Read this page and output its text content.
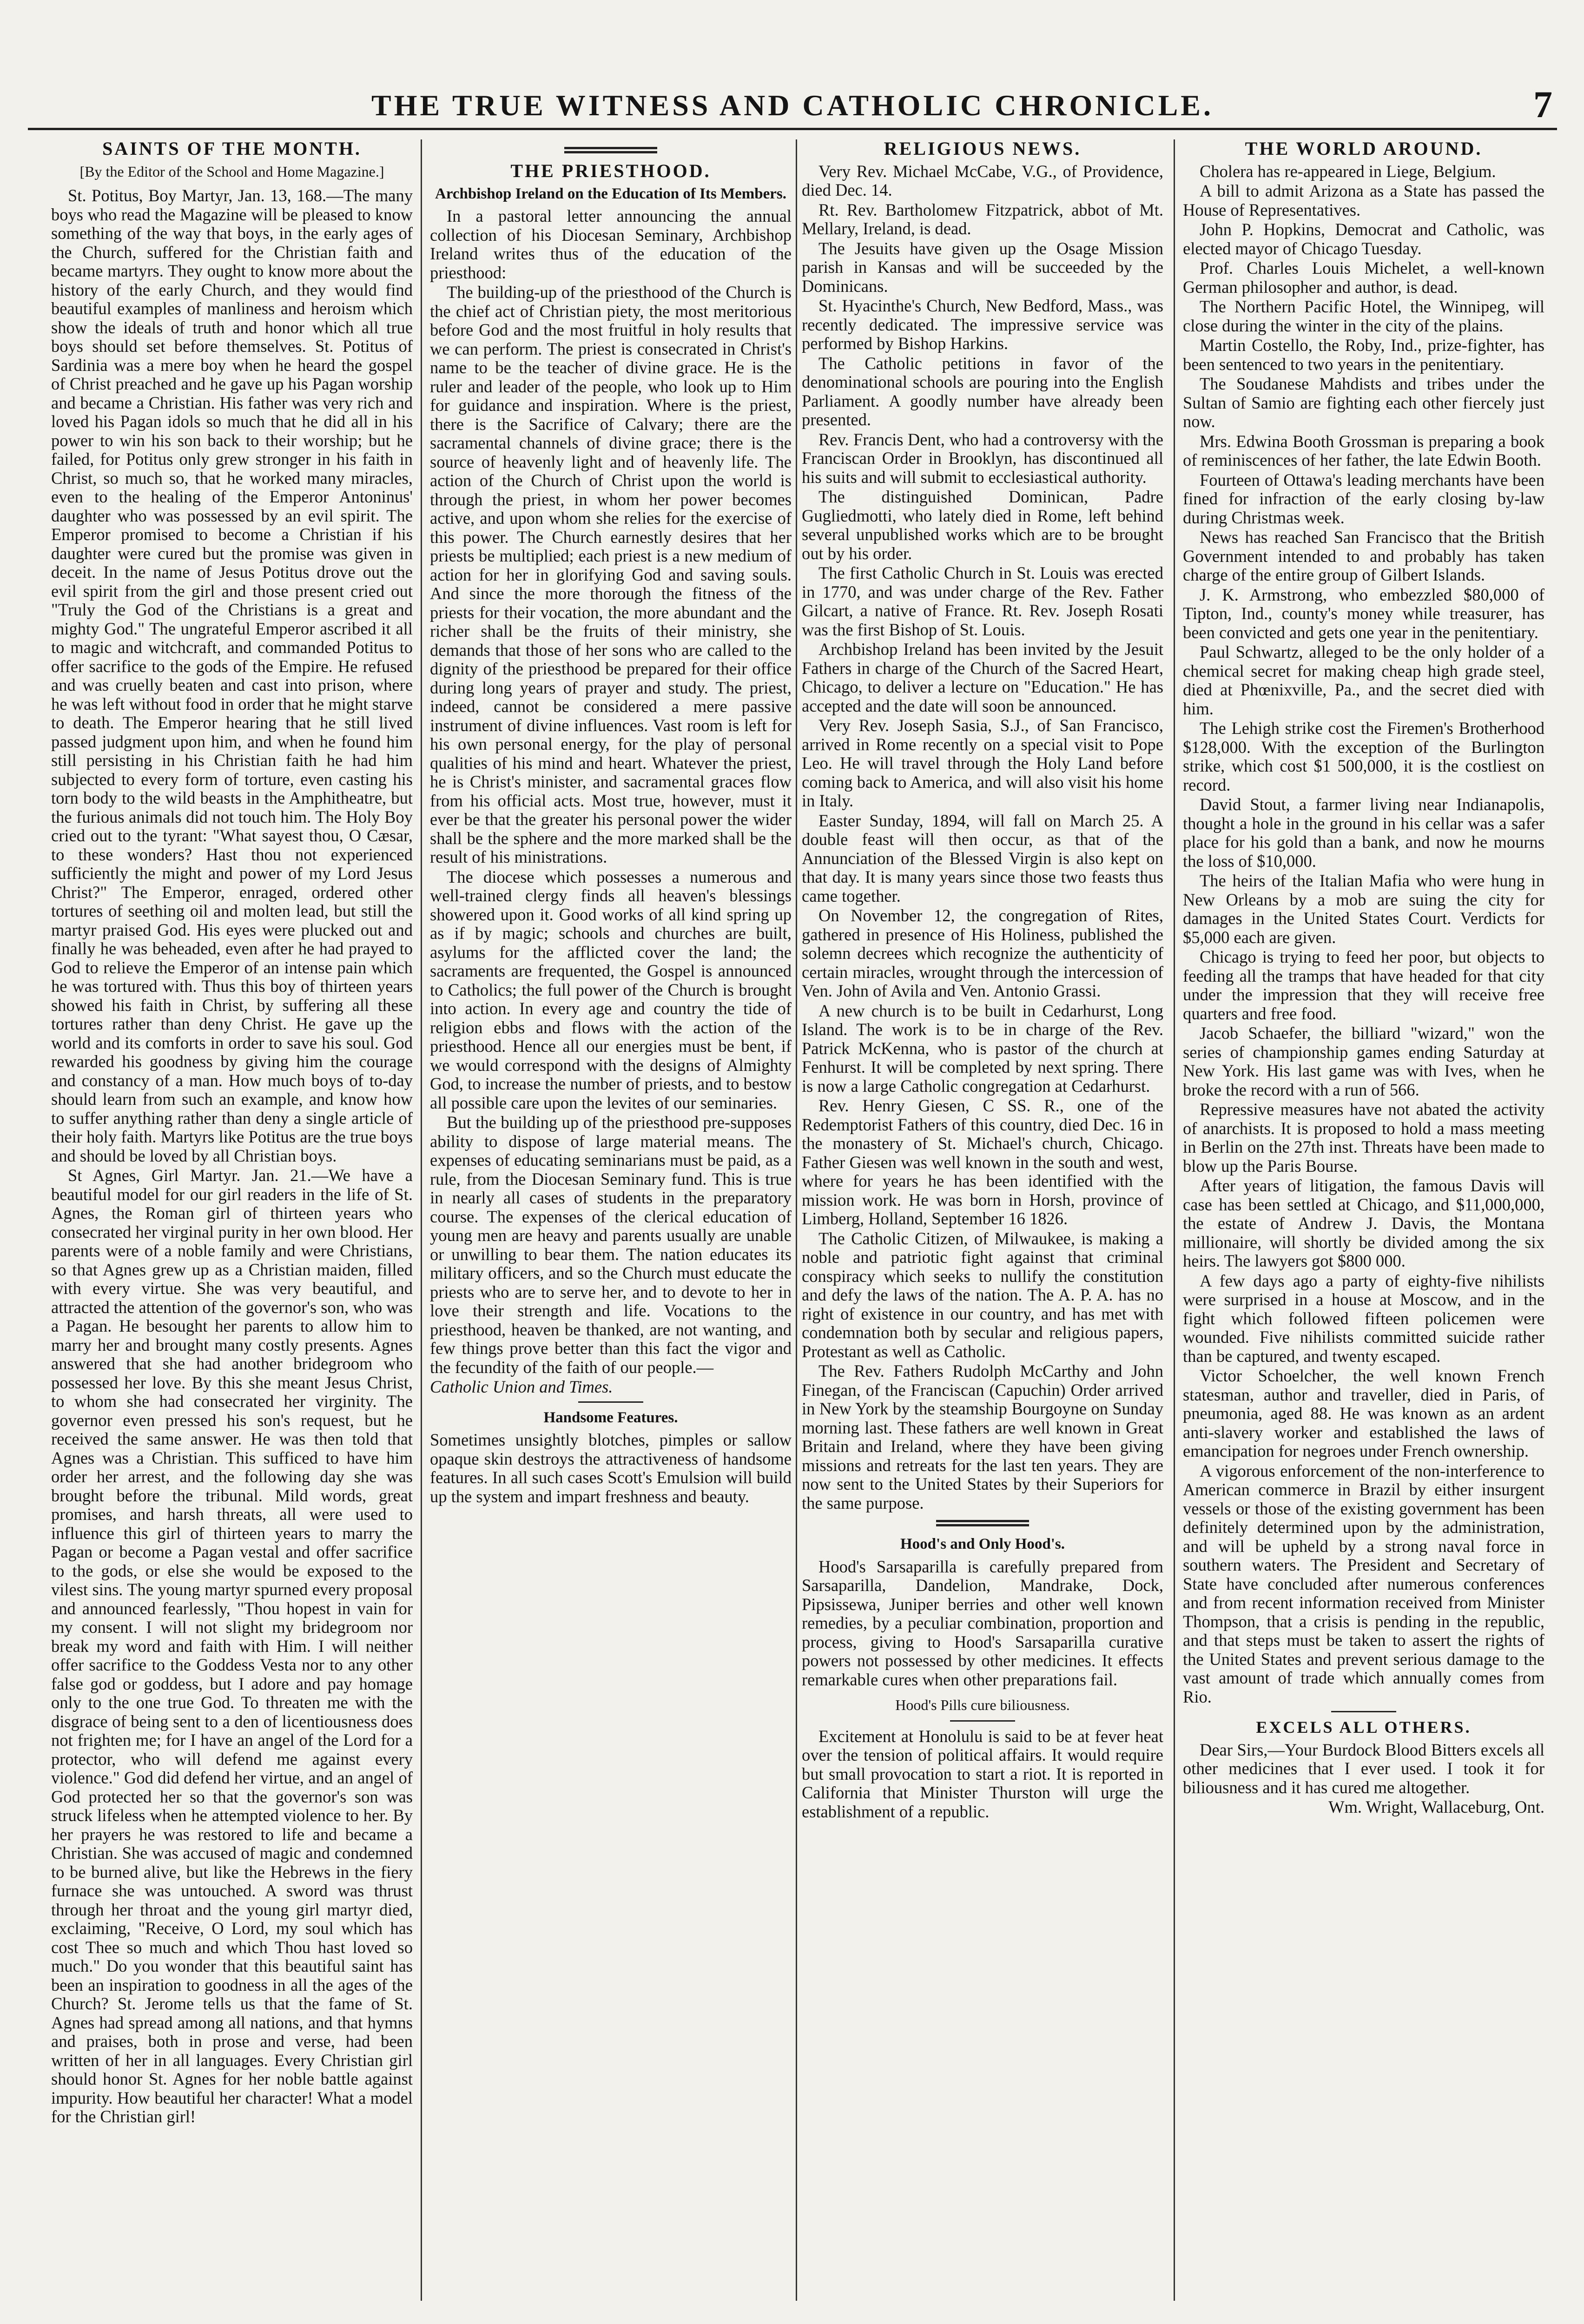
THE TRUE WITNESS AND CATHOLIC CHRONICLE.	7
SAINTS OF THE MONTH.
[By the Editor of the School and Home Magazine.]

St. Potitus, Boy Martyr, Jan. 13, 168.—The many boys who read the Magazine will be pleased to know something of the way that boys, in the early ages of the Church, suffered for the Christian faith and became martyrs. They ought to know more about the history of the early Church, and they would find beautiful examples of manliness and heroism which show the ideals of truth and honor which all true boys should set before themselves. St. Potitus of Sardinia was a mere boy when he heard the gospel of Christ preached and he gave up his Pagan worship and became a Christian. His father was very rich and loved his Pagan idols so much that he did all in his power to win his son back to their worship; but he failed, for Potitus only grew stronger in his faith in Christ, so much so, that he worked many miracles, even to the healing of the Emperor Antoninus' daughter who was possessed by an evil spirit. The Emperor promised to become a Christian if his daughter were cured but the promise was given in deceit. In the name of Jesus Potitus drove out the evil spirit from the girl and those present cried out "Truly the God of the Christians is a great and mighty God." The ungrateful Emperor ascribed it all to magic and witchcraft, and commanded Potitus to offer sacrifice to the gods of the Empire. He refused and was cruelly beaten and cast into prison, where he was left without food in order that he might starve to death. The Emperor hearing that he still lived passed judgment upon him, and when he found him still persisting in his Christian faith he had him subjected to every form of torture, even casting his torn body to the wild beasts in the Amphitheatre, but the furious animals did not touch him. The Holy Boy cried out to the tyrant: "What sayest thou, O Cæsar, to these wonders? Hast thou not experienced sufficiently the might and power of my Lord Jesus Christ?" The Emperor, enraged, ordered other tortures of seething oil and molten lead, but still the martyr praised God. His eyes were plucked out and finally he was beheaded, even after he had prayed to God to relieve the Emperor of an intense pain which he was tortured with. Thus this boy of thirteen years showed his faith in Christ, by suffering all these tortures rather than deny Christ. He gave up the world and its comforts in order to save his soul. God rewarded his goodness by giving him the courage and constancy of a man. How much boys of to-day should learn from such an example, and know how to suffer anything rather than deny a single article of their holy faith. Martyrs like Potitus are the true boys and should be loved by all Christian boys.

St Agnes, Girl Martyr. Jan. 21.—We have a beautiful model for our girl readers in the life of St. Agnes, the Roman girl of thirteen years who consecrated her virginal purity in her own blood. Her parents were of a noble family and were Christians, so that Agnes grew up as a Christian maiden, filled with every virtue. She was very beautiful, and attracted the attention of the governor's son, who was a Pagan. He besought her parents to allow him to marry her and brought many costly presents. Agnes answered that she had another bridegroom who possessed her love. By this she meant Jesus Christ, to whom she had consecrated her virginity. The governor even pressed his son's request, but he received the same answer. He was then told that Agnes was a Christian. This sufficed to have him order her arrest, and the following day she was brought before the tribunal. Mild words, great promises, and harsh threats, all were used to influence this girl of thirteen years to marry the Pagan or become a Pagan vestal and offer sacrifice to the gods, or else she would be exposed to the vilest sins. The young martyr spurned every proposal and announced fearlessly, "Thou hopest in vain for my consent. I will not slight my bridegroom nor break my word and faith with Him. I will neither offer sacrifice to the Goddess Vesta nor to any other false god or goddess, but I adore and pay homage only to the one true God. To threaten me with the disgrace of being sent to a den of licentiousness does not frighten me; for I have an angel of the Lord for a protector, who will defend me against every violence." God did defend her virtue, and an angel of God protected her so that the governor's son was struck lifeless when he attempted violence to her. By her prayers he was restored to life and became a Christian. She was accused of magic and condemned to be burned alive, but like the Hebrews in the fiery furnace she was untouched. A sword was thrust through her throat and the young girl martyr died, exclaiming, "Receive, O Lord, my soul which has cost Thee so much and which Thou hast loved so much." Do you wonder that this beautiful saint has been an inspiration to goodness in all the ages of the Church? St. Jerome tells us that the fame of St. Agnes had spread among all nations, and that hymns and praises, both in prose and verse, had been written of her in all languages. Every Christian girl should honor St. Agnes for her noble battle against impurity. How beautiful her character! What a model for the Christian girl!

THE PRIESTHOOD.
Archbishop Ireland on the Education of Its Members.

In a pastoral letter announcing the annual collection of his Diocesan Seminary, Archbishop Ireland writes thus of the education of the priesthood:

The building-up of the priesthood of the Church is the chief act of Christian piety, the most meritorious before God and the most fruitful in holy results that we can perform. The priest is consecrated in Christ's name to be the teacher of divine grace. He is the ruler and leader of the people, who look up to Him for guidance and inspiration. Where is the priest, there is the Sacrifice of Calvary; there are the sacramental channels of divine grace; there is the source of heavenly light and of heavenly life. The action of the Church of Christ upon the world is through the priest, in whom her power becomes active, and upon whom she relies for the exercise of this power. The Church earnestly desires that her priests be multiplied; each priest is a new medium of action for her in glorifying God and saving souls. And since the more thorough the fitness of the priests for their vocation, the more abundant and the richer shall be the fruits of their ministry, she demands that those of her sons who are called to the dignity of the priesthood be prepared for their office during long years of prayer and study. The priest, indeed, cannot be considered a mere passive instrument of divine influences. Vast room is left for his own personal energy, for the play of personal qualities of his mind and heart. Whatever the priest, he is Christ's minister, and sacramental graces flow from his official acts. Most true, however, must it ever be that the greater his personal power the wider shall be the sphere and the more marked shall be the result of his ministrations.

The diocese which possesses a numerous and well-trained clergy finds all heaven's blessings showered upon it. Good works of all kind spring up as if by magic; schools and churches are built, asylums for the afflicted cover the land; the sacraments are frequented, the Gospel is announced to Catholics; the full power of the Church is brought into action. In every age and country the tide of religion ebbs and flows with the action of the priesthood. Hence all our energies must be bent, if we would correspond with the designs of Almighty God, to increase the number of priests, and to bestow all possible care upon the levites of our seminaries.

But the building up of the priesthood pre-supposes ability to dispose of large material means. The expenses of educating seminarians must be paid, as a rule, from the Diocesan Seminary fund. This is true in nearly all cases of students in the preparatory course. The expenses of the clerical education of young men are heavy and parents usually are unable or unwilling to bear them. The nation educates its military officers, and so the Church must educate the priests who are to serve her, and to devote to her in love their strength and life. Vocations to the priesthood, heaven be thanked, are not wanting, and few things prove better than this fact the vigor and the fecundity of the faith of our people.—

Catholic Union and Times.

Handsome Features.

Sometimes unsightly blotches, pimples or sallow opaque skin destroys the attractiveness of handsome features. In all such cases Scott's Emulsion will build up the system and impart freshness and beauty.

RELIGIOUS NEWS.

Very Rev. Michael McCabe, V.G., of Providence, died Dec. 14.

Rt. Rev. Bartholomew Fitzpatrick, abbot of Mt. Mellary, Ireland, is dead.

The Jesuits have given up the Osage Mission parish in Kansas and will be succeeded by the Dominicans.

St. Hyacinthe's Church, New Bedford, Mass., was recently dedicated. The impressive service was performed by Bishop Harkins.

The Catholic petitions in favor of the denominational schools are pouring into the English Parliament. A goodly number have already been presented.

Rev. Francis Dent, who had a controversy with the Franciscan Order in Brooklyn, has discontinued all his suits and will submit to ecclesiastical authority.

The distinguished Dominican, Padre Gugliedmotti, who lately died in Rome, left behind several unpublished works which are to be brought out by his order.

The first Catholic Church in St. Louis was erected in 1770, and was under charge of the Rev. Father Gilcart, a native of France. Rt. Rev. Joseph Rosati was the first Bishop of St. Louis.

Archbishop Ireland has been invited by the Jesuit Fathers in charge of the Church of the Sacred Heart, Chicago, to deliver a lecture on "Education." He has accepted and the date will soon be announced.

Very Rev. Joseph Sasia, S.J., of San Francisco, arrived in Rome recently on a special visit to Pope Leo. He will travel through the Holy Land before coming back to America, and will also visit his home in Italy.

Easter Sunday, 1894, will fall on March 25. A double feast will then occur, as that of the Annunciation of the Blessed Virgin is also kept on that day. It is many years since those two feasts thus came together.

On November 12, the congregation of Rites, gathered in presence of His Holiness, published the solemn decrees which recognize the authenticity of certain miracles, wrought through the intercession of Ven. John of Avila and Ven. Antonio Grassi.

A new church is to be built in Cedarhurst, Long Island. The work is to be in charge of the Rev. Patrick McKenna, who is pastor of the church at Fenhurst. It will be completed by next spring. There is now a large Catholic congregation at Cedarhurst.

Rev. Henry Giesen, C SS. R., one of the Redemptorist Fathers of this country, died Dec. 16 in the monastery of St. Michael's church, Chicago. Father Giesen was well known in the south and west, where for years he has been identified with the mission work. He was born in Horsh, province of Limberg, Holland, September 16 1826.

The Catholic Citizen, of Milwaukee, is making a noble and patriotic fight against that criminal conspiracy which seeks to nullify the constitution and defy the laws of the nation. The A. P. A. has no right of existence in our country, and has met with condemnation both by secular and religious papers, Protestant as well as Catholic.

The Rev. Fathers Rudolph McCarthy and John Finegan, of the Franciscan (Capuchin) Order arrived in New York by the steamship Bourgoyne on Sunday morning last. These fathers are well known in Great Britain and Ireland, where they have been giving missions and retreats for the last ten years. They are now sent to the United States by their Superiors for the same purpose.

Hood's and Only Hood's.

Hood's Sarsaparilla is carefully prepared from Sarsaparilla, Dandelion, Mandrake, Dock, Pipsissewa, Juniper berries and other well known remedies, by a peculiar combination, proportion and process, giving to Hood's Sarsaparilla curative powers not possessed by other medicines. It effects remarkable cures when other preparations fail.

Hood's Pills cure biliousness.

Excitement at Honolulu is said to be at fever heat over the tension of political affairs. It would require but small provocation to start a riot. It is reported in California that Minister Thurston will urge the establishment of a republic.

THE WORLD AROUND.

Cholera has re-appeared in Liege, Belgium.

A bill to admit Arizona as a State has passed the House of Representatives.

John P. Hopkins, Democrat and Catholic, was elected mayor of Chicago Tuesday.

Prof. Charles Louis Michelet, a well-known German philosopher and author, is dead.

The Northern Pacific Hotel, the Winnipeg, will close during the winter in the city of the plains.

Martin Costello, the Roby, Ind., prize-fighter, has been sentenced to two years in the penitentiary.

The Soudanese Mahdists and tribes under the Sultan of Samio are fighting each other fiercely just now.

Mrs. Edwina Booth Grossman is preparing a book of reminiscences of her father, the late Edwin Booth.

Fourteen of Ottawa's leading merchants have been fined for infraction of the early closing by-law during Christmas week.

News has reached San Francisco that the British Government intended to and probably has taken charge of the entire group of Gilbert Islands.

J. K. Armstrong, who embezzled $80,000 of Tipton, Ind., county's money while treasurer, has been convicted and gets one year in the penitentiary.

Paul Schwartz, alleged to be the only holder of a chemical secret for making cheap high grade steel, died at Phœnixville, Pa., and the secret died with him.

The Lehigh strike cost the Firemen's Brotherhood $128,000. With the exception of the Burlington strike, which cost $1 500,000, it is the costliest on record.

David Stout, a farmer living near Indianapolis, thought a hole in the ground in his cellar was a safer place for his gold than a bank, and now he mourns the loss of $10,000.

The heirs of the Italian Mafia who were hung in New Orleans by a mob are suing the city for damages in the United States Court. Verdicts for $5,000 each are given.

Chicago is trying to feed her poor, but objects to feeding all the tramps that have headed for that city under the impression that they will receive free quarters and free food.

Jacob Schaefer, the billiard "wizard," won the series of championship games ending Saturday at New York. His last game was with Ives, when he broke the record with a run of 566.

Repressive measures have not abated the activity of anarchists. It is proposed to hold a mass meeting in Berlin on the 27th inst. Threats have been made to blow up the Paris Bourse.

After years of litigation, the famous Davis will case has been settled at Chicago, and $11,000,000, the estate of Andrew J. Davis, the Montana millionaire, will shortly be divided among the six heirs. The lawyers got $800 000.

A few days ago a party of eighty-five nihilists were surprised in a house at Moscow, and in the fight which followed fifteen policemen were wounded. Five nihilists committed suicide rather than be captured, and twenty escaped.

Victor Schoelcher, the well known French statesman, author and traveller, died in Paris, of pneumonia, aged 88. He was known as an ardent anti-slavery worker and established the laws of emancipation for negroes under French ownership.

A vigorous enforcement of the non-interference to American commerce in Brazil by either insurgent vessels or those of the existing government has been definitely determined upon by the administration, and will be upheld by a strong naval force in southern waters. The President and Secretary of State have concluded after numerous conferences and from recent information received from Minister Thompson, that a crisis is pending in the republic, and that steps must be taken to assert the rights of the United States and prevent serious damage to the vast amount of trade which annually comes from Rio.

EXCELS ALL OTHERS.

Dear Sirs,—Your Burdock Blood Bitters excels all other medicines that I ever used. I took it for biliousness and it has cured me altogether.

Wm. Wright, Wallaceburg, Ont.
